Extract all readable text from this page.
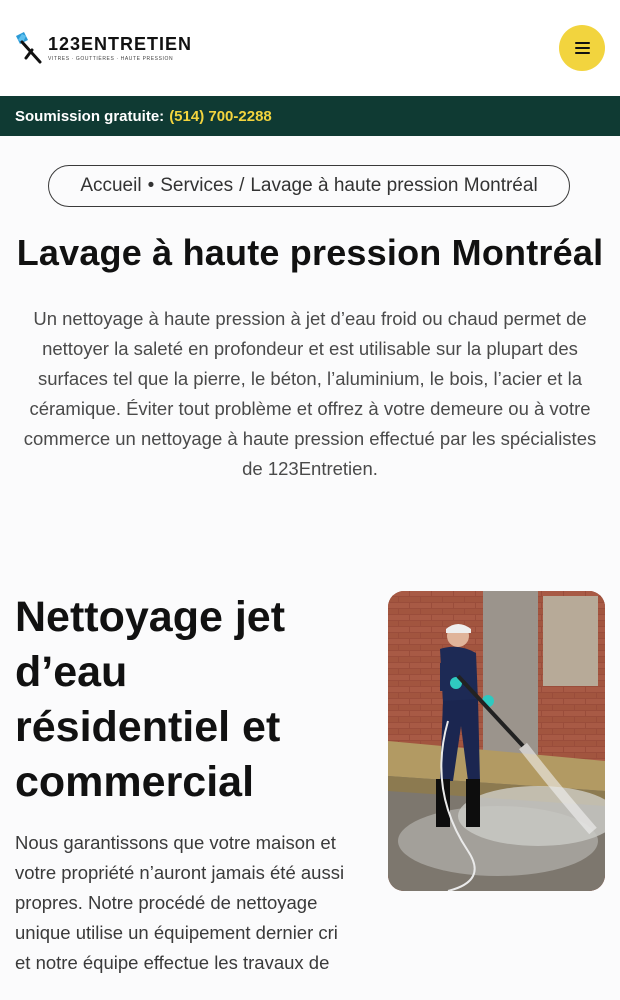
123ENTRETIEN
VITRES · GOUTTIÈRES · HAUTE PRESSION
Soumission gratuite: (514) 700-2288
Accueil • Services / Lavage à haute pression Montréal
Lavage à haute pression Montréal

Un nettoyage à haute pression à jet d’eau froid ou chaud permet de nettoyer la saleté en profondeur et est utilisable sur la plupart des surfaces tel que la pierre, le béton, l’aluminium, le bois, l’acier et la céramique. Éviter tout problème et offrez à votre demeure ou à votre commerce un nettoyage à haute pression effectué par les spécialistes de 123Entretien.

Nettoyage jet d’eau résidentiel et commercial

Nous garantissons que votre maison et votre propriété n’auront jamais été aussi propres. Notre procédé de nettoyage unique utilise un équipement dernier cri et notre équipe effectue les travaux de
